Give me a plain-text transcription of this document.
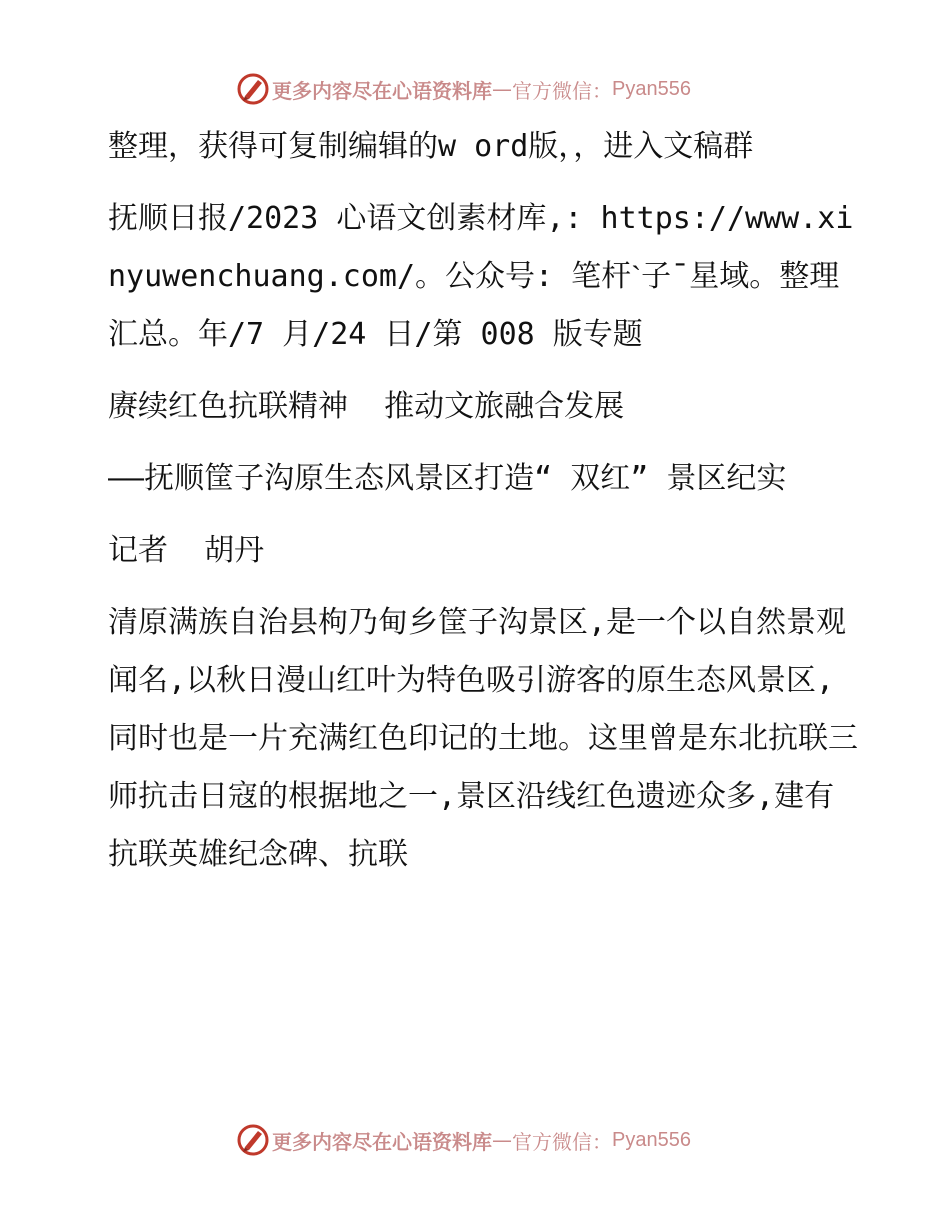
更多内容尽在心语资料库 — 官方微信： Pyan556

整理，获得可复制编辑的w ord版，，进入文稿群

抚顺日报/2023 心语文创素材库,: https://www.xinyuwenchuang.com/。公众号: 笔杆ˋ子¯星域。整理汇总。年/7 月/24 日/第 008 版专题

赓续红色抗联精神  推动文旅融合发展

——抚顺筐子沟原生态风景区打造“ 双红” 景区纪实

记者  胡丹

清原满族自治县枸乃甸乡筐子沟景区,是一个以自然景观闻名,以秋日漫山红叶为特色吸引游客的原生态风景区,同时也是一片充满红色印记的土地。这里曾是东北抗联三师抗击日寇的根据地之一,景区沿线红色遗迹众多,建有抗联英雄纪念碑、抗联

更多内容尽在心语资料库 — 官方微信： Pyan556
